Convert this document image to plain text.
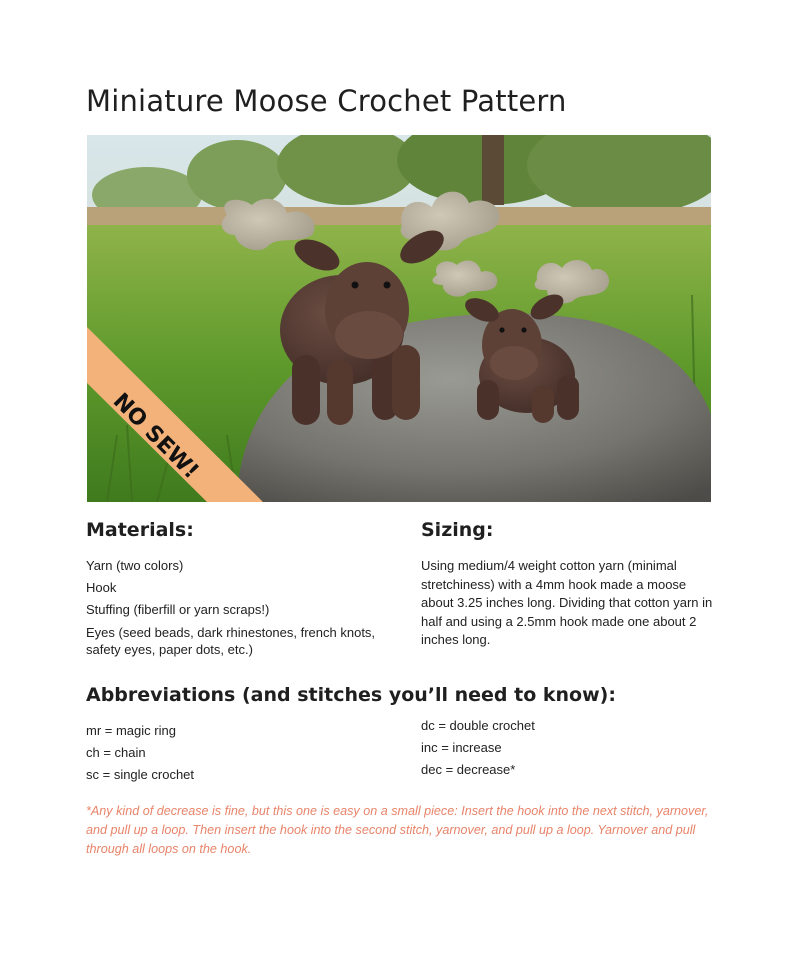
Miniature Moose Crochet Pattern
NO SEW!
Materials:
Yarn (two colors)
Hook
Stuffing (fiberfill or yarn scraps!)
Eyes (seed beads, dark rhinestones, french knots, safety eyes, paper dots, etc.)
Sizing:

Using medium/4 weight cotton yarn (minimal stretchiness) with a 4mm hook made a moose about 3.25 inches long. Dividing that cotton yarn in half and using a 2.5mm hook made one about 2 inches long.

Abbreviations (and stitches you’ll need to know):
mr = magic ring
ch = chain
sc = single crochet
dc = double crochet
inc = increase
dec = decrease*

*Any kind of decrease is fine, but this one is easy on a small piece: Insert the hook into the next stitch, yarnover, and pull up a loop. Then insert the hook into the second stitch, yarnover, and pull up a loop. Yarnover and pull through all loops on the hook.
